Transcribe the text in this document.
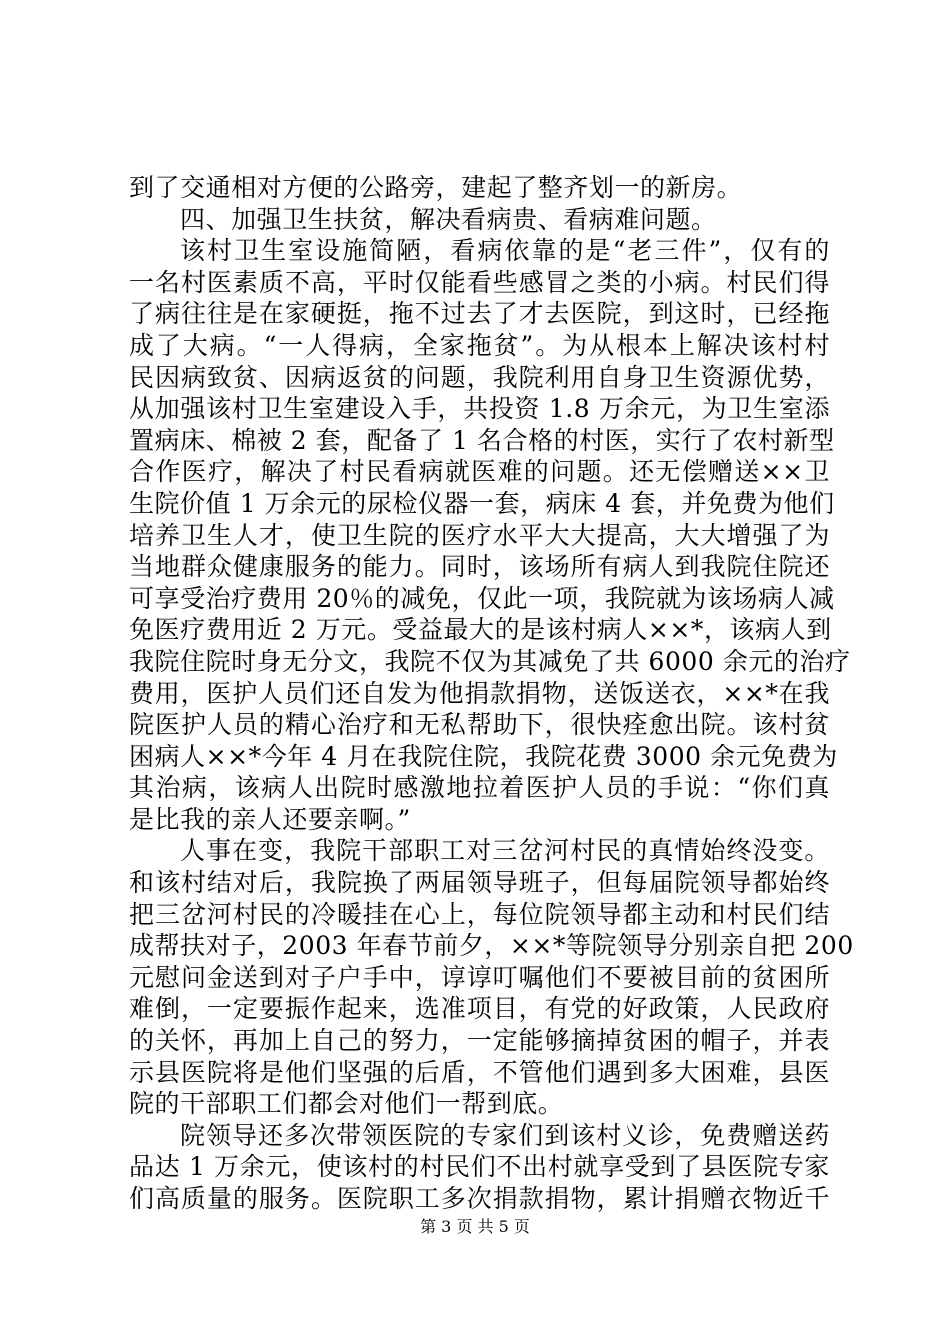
到了交通相对方便的公路旁，建起了整齐划一的新房。
四、加强卫生扶贫，解决看病贵、看病难问题。
该村卫生室设施简陋，看病依靠的是“老三件”，仅有的
一名村医素质不高，平时仅能看些感冒之类的小病。村民们得
了病往往是在家硬挺，拖不过去了才去医院，到这时，已经拖
成了大病。“一人得病，全家拖贫”。为从根本上解决该村村
民因病致贫、因病返贫的问题，我院利用自身卫生资源优势，
从加强该村卫生室建设入手，共投资 1.8 万余元，为卫生室添
置病床、棉被 2 套，配备了 1 名合格的村医，实行了农村新型
合作医疗，解决了村民看病就医难的问题。还无偿赠送××卫
生院价值 1 万余元的尿检仪器一套，病床 4 套，并免费为他们
培养卫生人才，使卫生院的医疗水平大大提高，大大增强了为
当地群众健康服务的能力。同时，该场所有病人到我院住院还
可享受治疗费用 20％的减免，仅此一项，我院就为该场病人减
免医疗费用近 2 万元。受益最大的是该村病人××*，该病人到
我院住院时身无分文，我院不仅为其减免了共 6000 余元的治疗
费用，医护人员们还自发为他捐款捐物，送饭送衣，××*在我
院医护人员的精心治疗和无私帮助下，很快痊愈出院。该村贫
困病人××*今年 4 月在我院住院，我院花费 3000 余元免费为
其治病，该病人出院时感激地拉着医护人员的手说：“你们真
是比我的亲人还要亲啊。”
人事在变，我院干部职工对三岔河村民的真情始终没变。
和该村结对后，我院换了两届领导班子，但每届院领导都始终
把三岔河村民的冷暖挂在心上，每位院领导都主动和村民们结
成帮扶对子，2003 年春节前夕，××*等院领导分别亲自把 200
元慰问金送到对子户手中，谆谆叮嘱他们不要被目前的贫困所
难倒，一定要振作起来，选准项目，有党的好政策，人民政府
的关怀，再加上自己的努力，一定能够摘掉贫困的帽子，并表
示县医院将是他们坚强的后盾，不管他们遇到多大困难，县医
院的干部职工们都会对他们一帮到底。
院领导还多次带领医院的专家们到该村义诊，免费赠送药
品达 1 万余元，使该村的村民们不出村就享受到了县医院专家
们高质量的服务。医院职工多次捐款捐物，累计捐赠衣物近千
第 3 页 共 5 页
